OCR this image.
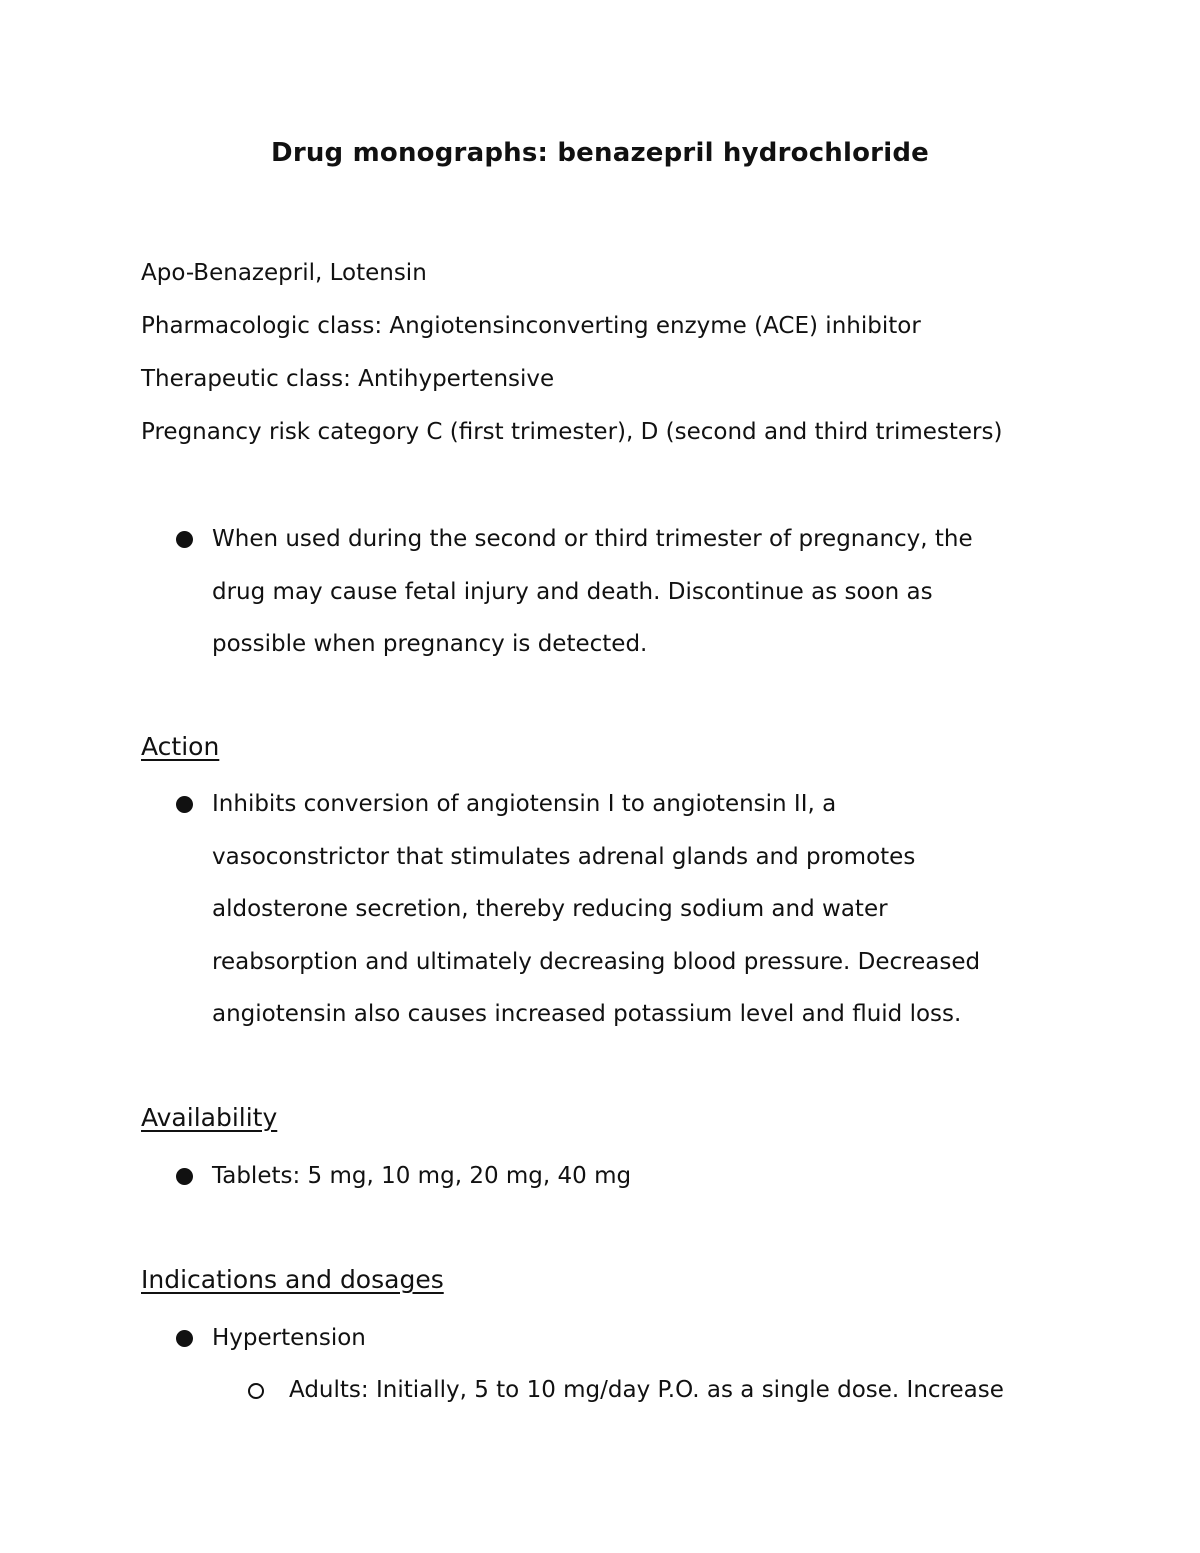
Drug monographs: benazepril hydrochloride
Apo-Benazepril, Lotensin
Pharmacologic class: Angiotensinconverting enzyme (ACE) inhibitor
Therapeutic class: Antihypertensive
Pregnancy risk category C (first trimester), D (second and third trimesters)
When used during the second or third trimester of pregnancy, the
drug may cause fetal injury and death. Discontinue as soon as
possible when pregnancy is detected.
Action
Inhibits conversion of angiotensin I to angiotensin II, a
vasoconstrictor that stimulates adrenal glands and promotes
aldosterone secretion, thereby reducing sodium and water
reabsorption and ultimately decreasing blood pressure. Decreased
angiotensin also causes increased potassium level and fluid loss.
Availability
Tablets: 5 mg, 10 mg, 20 mg, 40 mg
Indications and dosages
Hypertension
Adults: Initially, 5 to 10 mg/day P.O. as a single dose. Increase
